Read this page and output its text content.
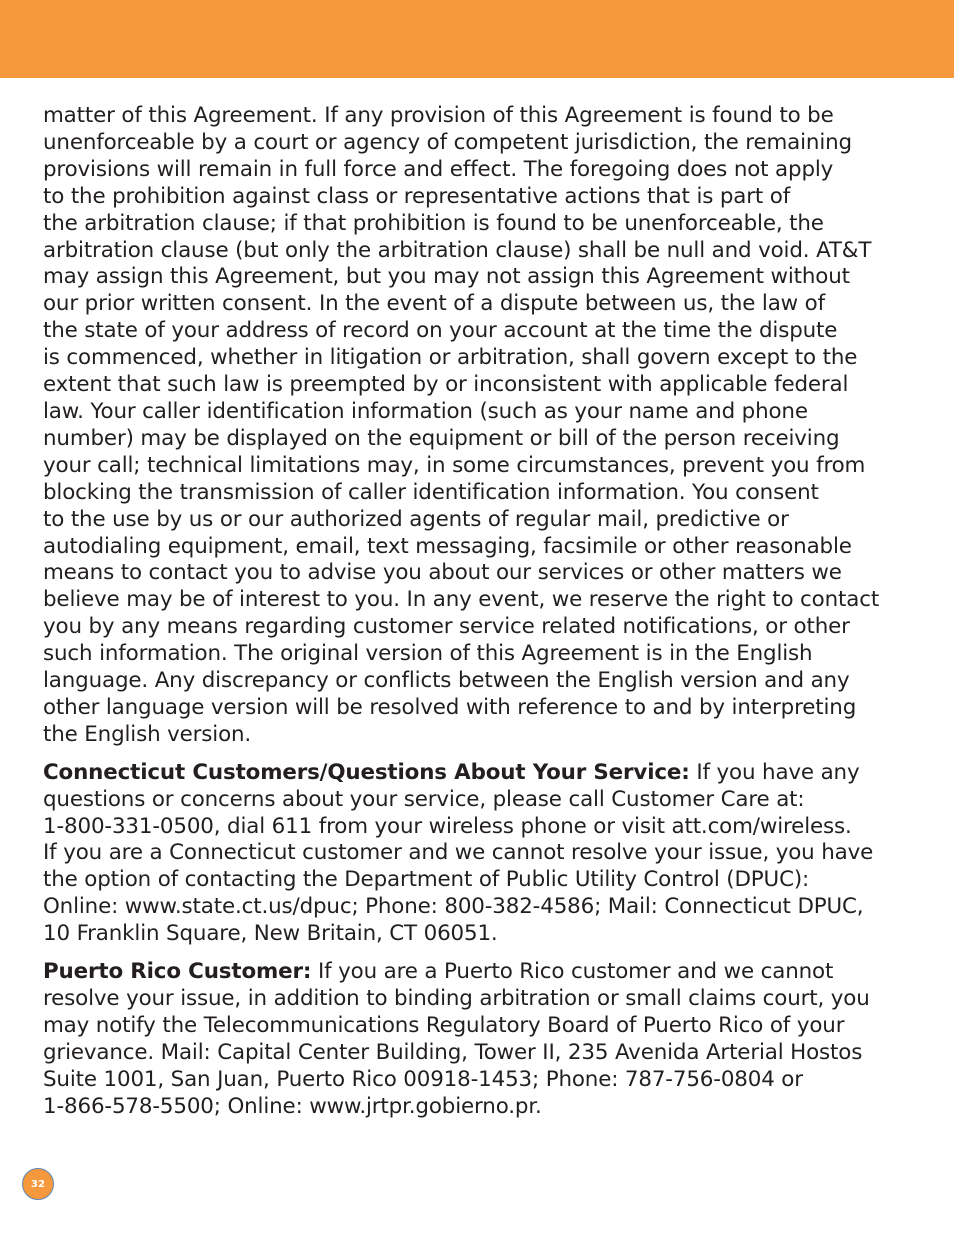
matter of this Agreement. If any provision of this Agreement is found to be
unenforceable by a court or agency of competent jurisdiction, the remaining
provisions will remain in full force and effect. The foregoing does not apply
to the prohibition against class or representative actions that is part of
the arbitration clause; if that prohibition is found to be unenforceable, the
arbitration clause (but only the arbitration clause) shall be null and void. AT&T
may assign this Agreement, but you may not assign this Agreement without
our prior written consent. In the event of a dispute between us, the law of
the state of your address of record on your account at the time the dispute
is commenced, whether in litigation or arbitration, shall govern except to the
extent that such law is preempted by or inconsistent with applicable federal
law. Your caller identification information (such as your name and phone
number) may be displayed on the equipment or bill of the person receiving
your call; technical limitations may, in some circumstances, prevent you from
blocking the transmission of caller identification information. You consent
to the use by us or our authorized agents of regular mail, predictive or
autodialing equipment, email, text messaging, facsimile or other reasonable
means to contact you to advise you about our services or other matters we
believe may be of interest to you. In any event, we reserve the right to contact
you by any means regarding customer service related notifications, or other
such information. The original version of this Agreement is in the English
language. Any discrepancy or conflicts between the English version and any
other language version will be resolved with reference to and by interpreting
the English version.

Connecticut Customers/Questions About Your Service: If you have any
questions or concerns about your service, please call Customer Care at:
1-800-331-0500, dial 611 from your wireless phone or visit att.com/wireless.
If you are a Connecticut customer and we cannot resolve your issue, you have
the option of contacting the Department of Public Utility Control (DPUC):
Online: www.state.ct.us/dpuc; Phone: 800-382-4586; Mail: Connecticut DPUC,
10 Franklin Square, New Britain, CT 06051.

Puerto Rico Customer: If you are a Puerto Rico customer and we cannot
resolve your issue, in addition to binding arbitration or small claims court, you
may notify the Telecommunications Regulatory Board of Puerto Rico of your
grievance. Mail: Capital Center Building, Tower II, 235 Avenida Arterial Hostos
Suite 1001, San Juan, Puerto Rico 00918-1453; Phone: 787-756-0804 or
1-866-578-5500; Online: www.jrtpr.gobierno.pr.

32
